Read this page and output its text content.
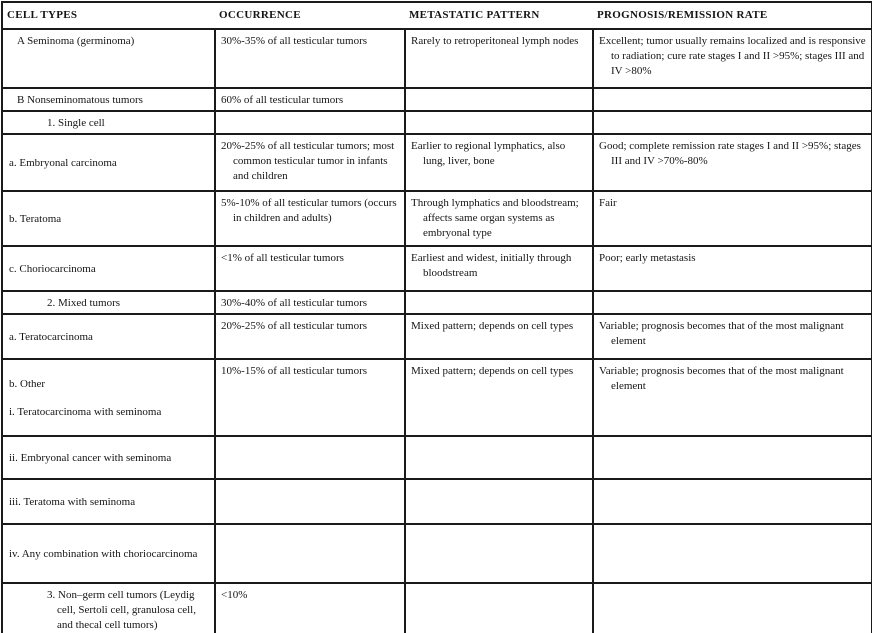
CELL TYPES	OCCURRENCE	METASTATIC PATTERN	PROGNOSIS/REMISSION RATE

A Seminoma (germinoma)	30%-35% of all testicular tumors	Rarely to retroperitoneal lymph nodes	Excellent; tumor usually remains localized and is responsive to radiation; cure rate stages I and II >95%; stages III and IV >80%

B Nonseminomatous tumors	60% of all testicular tumors		

1. Single cell			

a. Embryonal carcinoma	20%-25% of all testicular tumors; most common testicular tumor in infants and children	Earlier to regional lymphatics, also lung, liver, bone	Good; complete remission rate stages I and II >95%; stages III and IV >70%-80%

b. Teratoma	5%-10% of all testicular tumors (occurs in children and adults)	Through lymphatics and bloodstream; affects same organ systems as embryonal type	Fair

c. Choriocarcinoma	<1% of all testicular tumors	Earliest and widest, initially through bloodstream	Poor; early metastasis

2. Mixed tumors	30%-40% of all testicular tumors		

a. Teratocarcinoma	20%-25% of all testicular tumors	Mixed pattern; depends on cell types	Variable; prognosis becomes that of the most malignant element

b. Other
i. Teratocarcinoma with seminoma	10%-15% of all testicular tumors	Mixed pattern; depends on cell types	Variable; prognosis becomes that of the most malignant element

ii. Embryonal cancer with seminoma			

iii. Teratoma with seminoma			

iv. Any combination with choriocarcinoma			

3. Non–germ cell tumors (Leydig cell, Sertoli cell, granulosa cell, and thecal cell tumors)	<10%		
